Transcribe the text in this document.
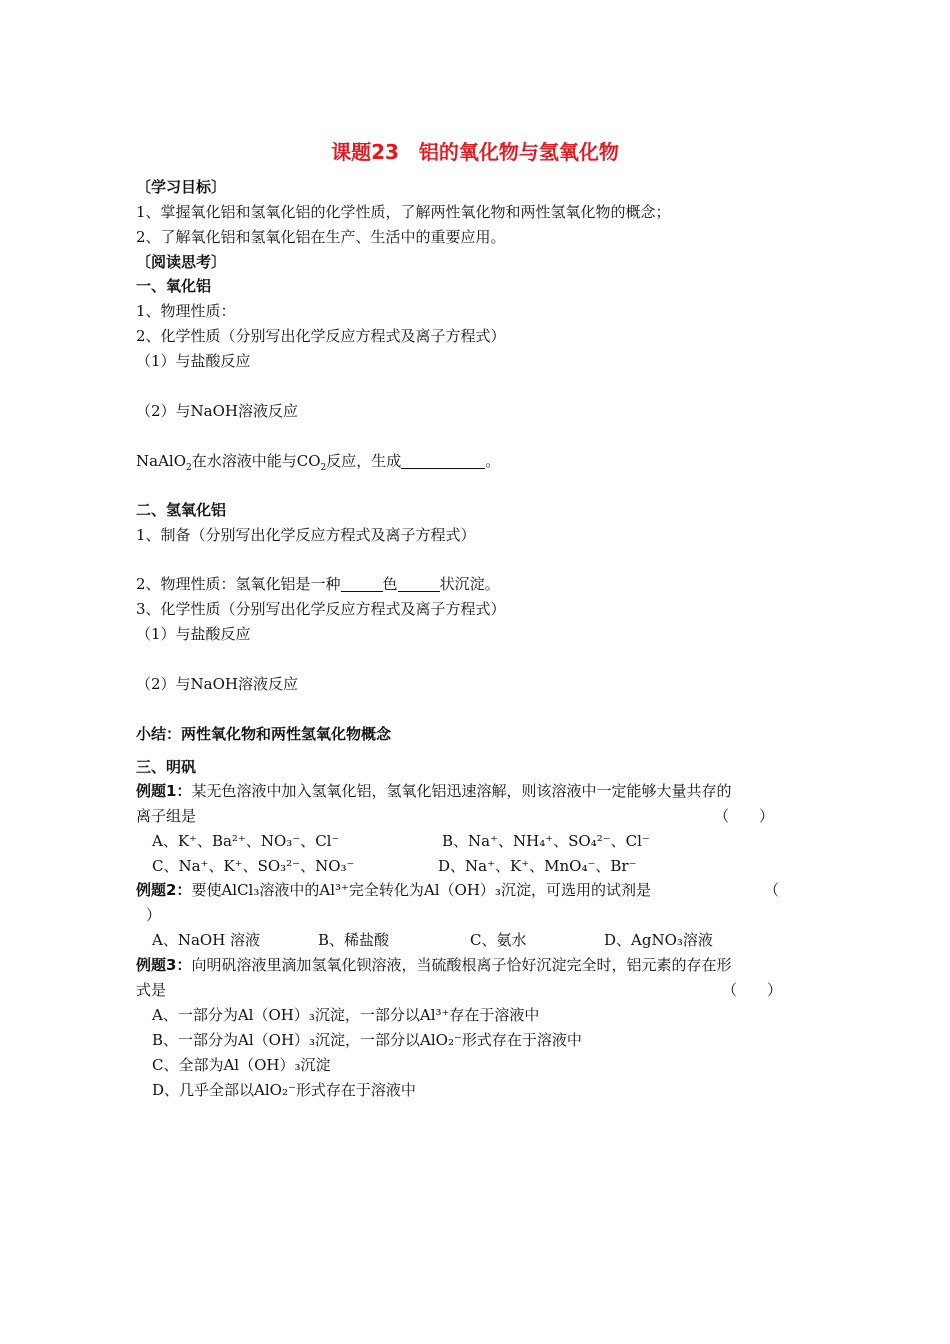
课题23　铝的氧化物与氢氧化物
〔学习目标〕
1、掌握氧化铝和氢氧化铝的化学性质，了解两性氧化物和两性氢氧化物的概念；
2、了解氧化铝和氢氧化铝在生产、生活中的重要应用。
〔阅读思考〕
一、氧化铝
1、物理性质：
2、化学性质（分别写出化学反应方程式及离子方程式）
（1）与盐酸反应
（2）与NaOH溶液反应
NaAlO$_2$在水溶液中能与$CO_2$反应，生成	。
二、氢氧化铝
1、制备（分别写出化学反应方程式及离子方程式）
2、物理性质：氢氧化铝是一种	色	状沉淀。
3、化学性质（分别写出化学反应方程式及离子方程式）
（1）与盐酸反应
（2）与NaOH溶液反应
小结：两性氧化物和两性氢氧化物概念
三、明矾
例题1：某无色溶液中加入氢氧化铝，氢氧化铝迅速溶解，则该溶液中一定能够大量共存的
离子组是	（　　）
A、K⁺、Ba²⁺、NO₃⁻、Cl⁻	B、Na⁺、NH₄⁺、SO₄²⁻、Cl⁻
C、Na⁺、K⁺、SO₃²⁻、NO₃⁻	D、Na⁺、K⁺、MnO₄⁻、Br⁻
例题2：要使AlCl₃溶液中的Al³⁺完全转化为Al（OH）₃沉淀，可选用的试剂是	（
）
A、NaOH 溶液	B、稀盐酸	C、氨水	D、AgNO₃溶液
例题3：向明矾溶液里滴加氢氧化钡溶液，当硫酸根离子恰好沉淀完全时，铝元素的存在形
式是	（　　）
A、一部分为Al（OH）₃沉淀，一部分以Al³⁺存在于溶液中
B、一部分为Al（OH）₃沉淀，一部分以AlO₂⁻形式存在于溶液中
C、全部为Al（OH）₃沉淀
D、几乎全部以AlO₂⁻形式存在于溶液中
